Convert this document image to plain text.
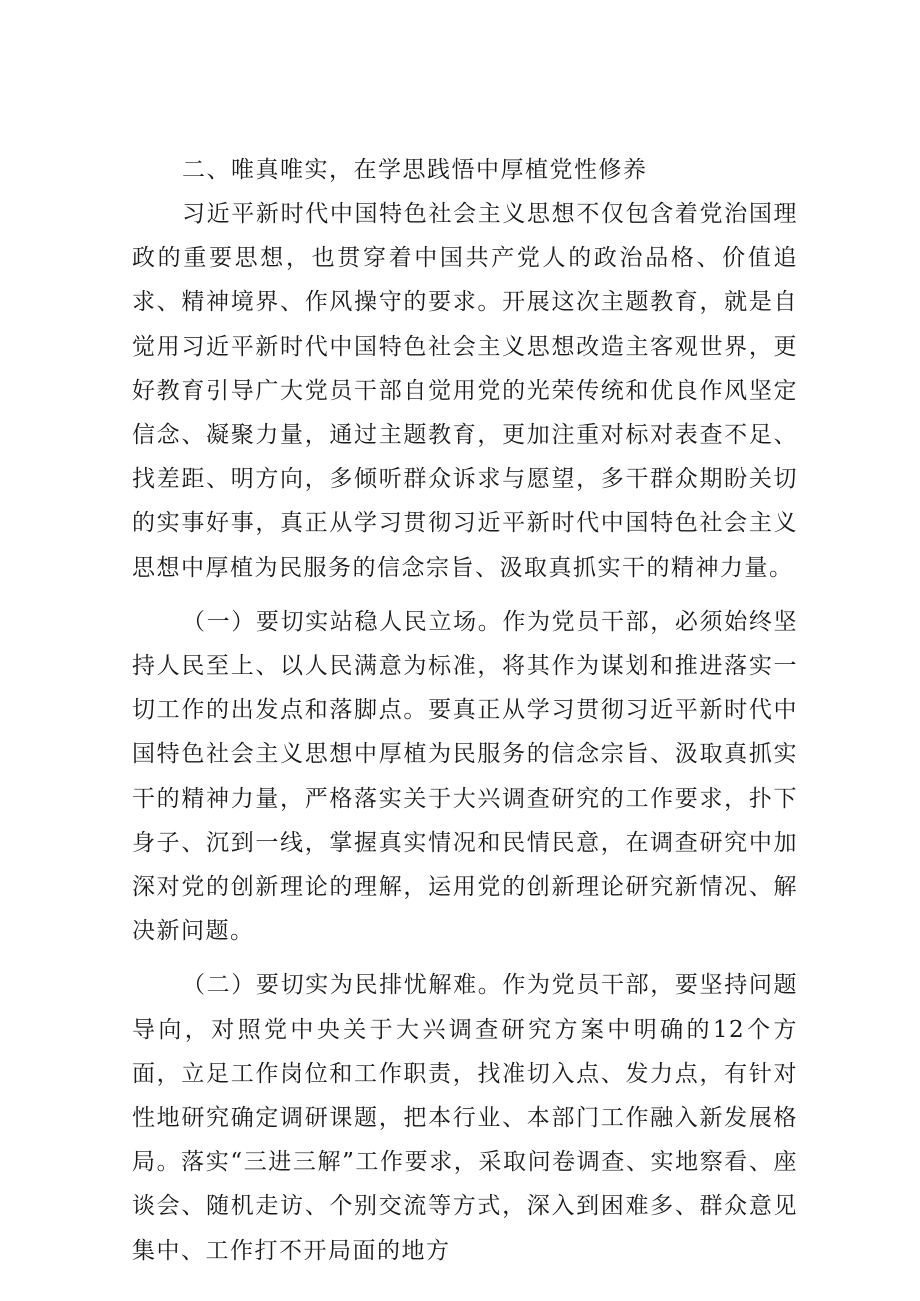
二、唯真唯实，在学思践悟中厚植党性修养

习近平新时代中国特色社会主义思想不仅包含着党治国理政的重要思想，也贯穿着中国共产党人的政治品格、价值追求、精神境界、作风操守的要求。开展这次主题教育，就是自觉用习近平新时代中国特色社会主义思想改造主客观世界，更好教育引导广大党员干部自觉用党的光荣传统和优良作风坚定信念、凝聚力量，通过主题教育，更加注重对标对表查不足、找差距、明方向，多倾听群众诉求与愿望，多干群众期盼关切的实事好事，真正从学习贯彻习近平新时代中国特色社会主义思想中厚植为民服务的信念宗旨、汲取真抓实干的精神力量。

（一）要切实站稳人民立场。作为党员干部，必须始终坚持人民至上、以人民满意为标准，将其作为谋划和推进落实一切工作的出发点和落脚点。要真正从学习贯彻习近平新时代中国特色社会主义思想中厚植为民服务的信念宗旨、汲取真抓实干的精神力量，严格落实关于大兴调查研究的工作要求，扑下身子、沉到一线，掌握真实情况和民情民意，在调查研究中加深对党的创新理论的理解，运用党的创新理论研究新情况、解决新问题。

（二）要切实为民排忧解难。作为党员干部，要坚持问题导向，对照党中央关于大兴调查研究方案中明确的12个方面，立足工作岗位和工作职责，找准切入点、发力点，有针对性地研究确定调研课题，把本行业、本部门工作融入新发展格局。落实“三进三解”工作要求，采取问卷调查、实地察看、座谈会、随机走访、个别交流等方式，深入到困难多、群众意见集中、工作打不开局面的地方
